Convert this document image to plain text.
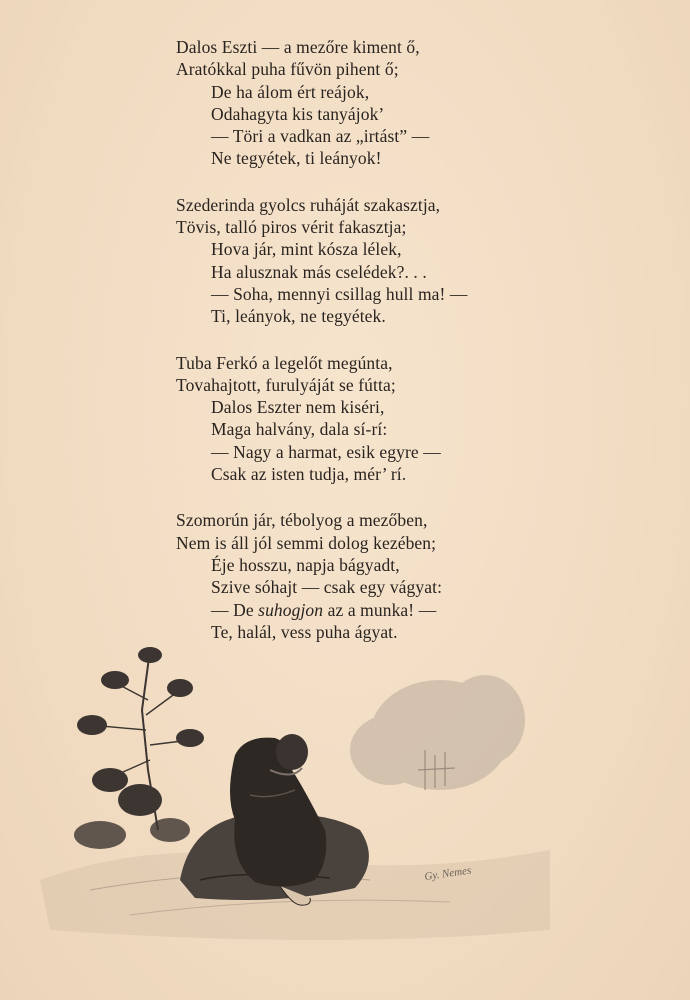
Dalos Eszti — a mezőre kiment ő,
Aratókkal puha fűvön pihent ő;
De ha álom ért reájok,
Odahagyta kis tanyájok’
— Töri a vadkan az „irtást” —
Ne tegyétek, ti leányok!
Szederinda gyolcs ruháját szakasztja,
Tövis, talló piros vérit fakasztja;
Hova jár, mint kósza lélek,
Ha alusznak más cselédek?. . .
— Soha, mennyi csillag hull ma! —
Ti, leányok, ne tegyétek.
Tuba Ferkó a legelőt megúnta,
Tovahajtott, furulyáját se fútta;
Dalos Eszter nem kiséri,
Maga halvány, dala sí-rí:
— Nagy a harmat, esik egyre —
Csak az isten tudja, mér’ rí.
Szomorún jár, tébolyog a mezőben,
Nem is áll jól semmi dolog kezében;
Éje hosszu, napja bágyadt,
Szive sóhajt — csak egy vágyat:
— De suhogjon az a munka! —
Te, halál, vess puha ágyat.
Gy. Nemes
